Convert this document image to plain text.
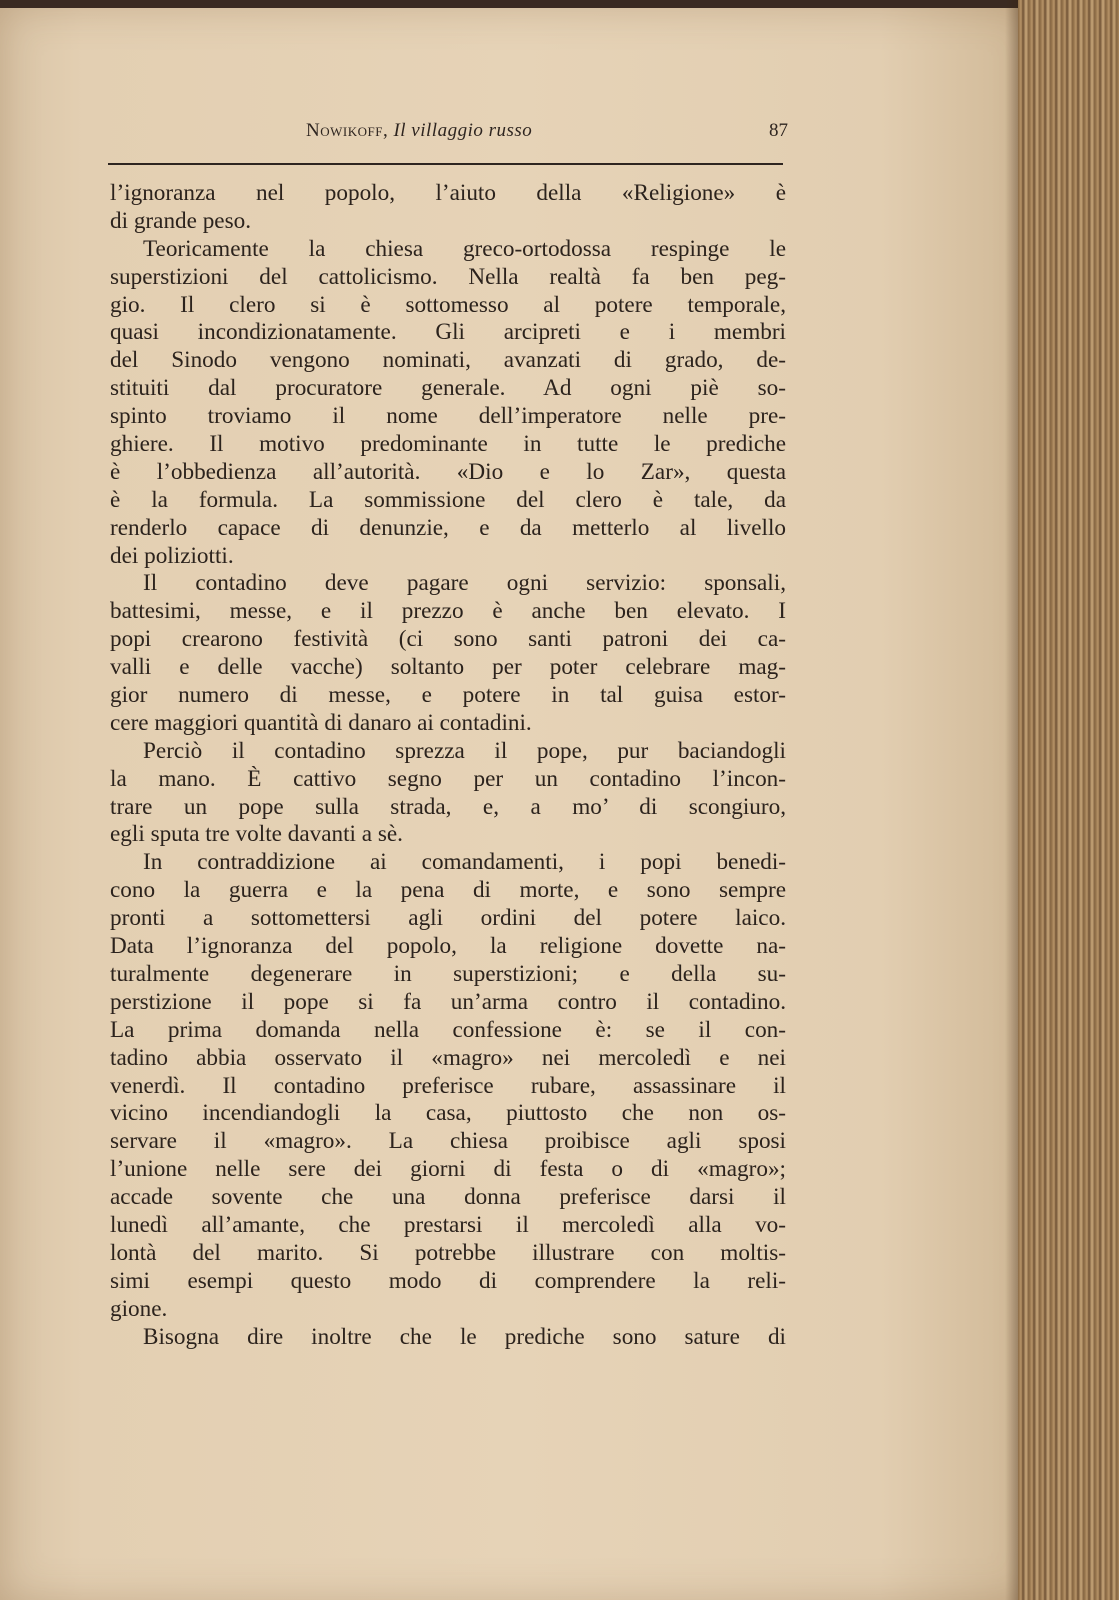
Nowikoff, Il villaggio russo	87
l’ignoranza nel popolo, l’aiuto della «Religione» è
di grande peso.
Teoricamente la chiesa greco-ortodossa respinge le
superstizioni del cattolicismo. Nella realtà fa ben peg-
gio. Il clero si è sottomesso al potere temporale,
quasi incondizionatamente. Gli arcipreti e i membri
del Sinodo vengono nominati, avanzati di grado, de-
stituiti dal procuratore generale. Ad ogni piè so-
spinto troviamo il nome dell’imperatore nelle pre-
ghiere. Il motivo predominante in tutte le prediche
è l’obbedienza all’autorità. «Dio e lo Zar», questa
è la formula. La sommissione del clero è tale, da
renderlo capace di denunzie, e da metterlo al livello
dei poliziotti.
Il contadino deve pagare ogni servizio: sponsali,
battesimi, messe, e il prezzo è anche ben elevato. I
popi crearono festività (ci sono santi patroni dei ca-
valli e delle vacche) soltanto per poter celebrare mag-
gior numero di messe, e potere in tal guisa estor-
cere maggiori quantità di danaro ai contadini.
Perciò il contadino sprezza il pope, pur baciandogli
la mano. È cattivo segno per un contadino l’incon-
trare un pope sulla strada, e, a mo’ di scongiuro,
egli sputa tre volte davanti a sè.
In contraddizione ai comandamenti, i popi benedi-
cono la guerra e la pena di morte, e sono sempre
pronti a sottomettersi agli ordini del potere laico.
Data l’ignoranza del popolo, la religione dovette na-
turalmente degenerare in superstizioni; e della su-
perstizione il pope si fa un’arma contro il contadino.
La prima domanda nella confessione è: se il con-
tadino abbia osservato il «magro» nei mercoledì e nei
venerdì. Il contadino preferisce rubare, assassinare il
vicino incendiandogli la casa, piuttosto che non os-
servare il «magro». La chiesa proibisce agli sposi
l’unione nelle sere dei giorni di festa o di «magro»;
accade sovente che una donna preferisce darsi il
lunedì all’amante, che prestarsi il mercoledì alla vo-
lontà del marito. Si potrebbe illustrare con moltis-
simi esempi questo modo di comprendere la reli-
gione.
Bisogna dire inoltre che le prediche sono sature di
